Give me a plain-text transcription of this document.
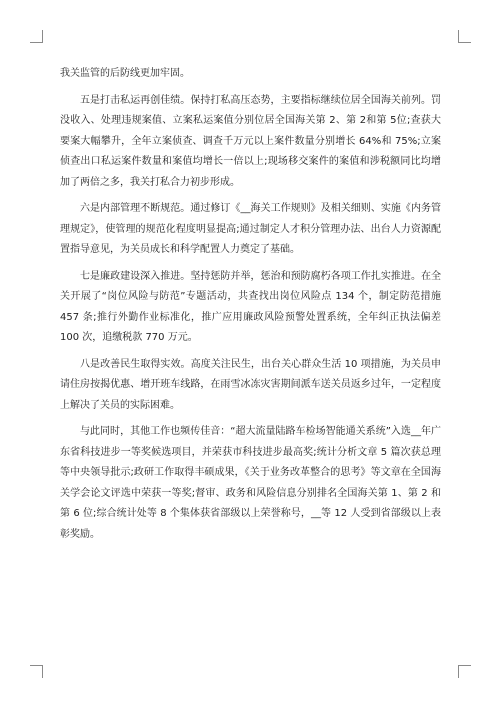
我关监管的后防线更加牢固。

五是打击私运再创佳绩。保持打私高压态势，主要指标继续位居全国海关前列。罚没收入、处理违规案值、立案私运案值分别位居全国海关第 2、第 2和第 5位;查获大要案大幅攀升，全年立案侦查、调查千万元以上案件数量分别增长 64%和 75%;立案侦查出口私运案件数量和案值均增长一倍以上;现场移交案件的案值和涉税额同比均增加了两倍之多，我关打私合力初步形成。

六是内部管理不断规范。通过修订《__海关工作规则》及相关细则、实施《内务管理规定》，使管理的规范化程度明显提高;通过制定人才积分管理办法、出台人力资源配置指导意见，为关员成长和科学配置人力奠定了基础。

七是廉政建设深入推进。坚持惩防并举，惩治和预防腐朽各项工作扎实推进。在全关开展了“岗位风险与防范”专题活动，共查找出岗位风险点 134 个，制定防范措施457 条;推行外勤作业标准化，推广应用廉政风险预警处置系统，全年纠正执法偏差 100 次，追缴税款 770 万元。

八是改善民生取得实效。高度关注民生，出台关心群众生活 10 项措施，为关员申请住房按揭优惠、增开班车线路，在雨雪冰冻灾害期间派车送关员返乡过年，一定程度上解决了关员的实际困难。

与此同时，其他工作也频传佳音：“超大流量陆路车检场智能通关系统”入选__年广东省科技进步一等奖候选项目，并荣获市科技进步最高奖;统计分析文章 5 篇次获总理等中央领导批示;政研工作取得丰硕成果，《关于业务改革整合的思考》等文章在全国海关学会论文评选中荣获一等奖;督审、政务和风险信息分别排名全国海关第 1、第 2 和第 6 位;综合统计处等 8 个集体获省部级以上荣誉称号，__等 12 人受到省部级以上表彰奖励。
